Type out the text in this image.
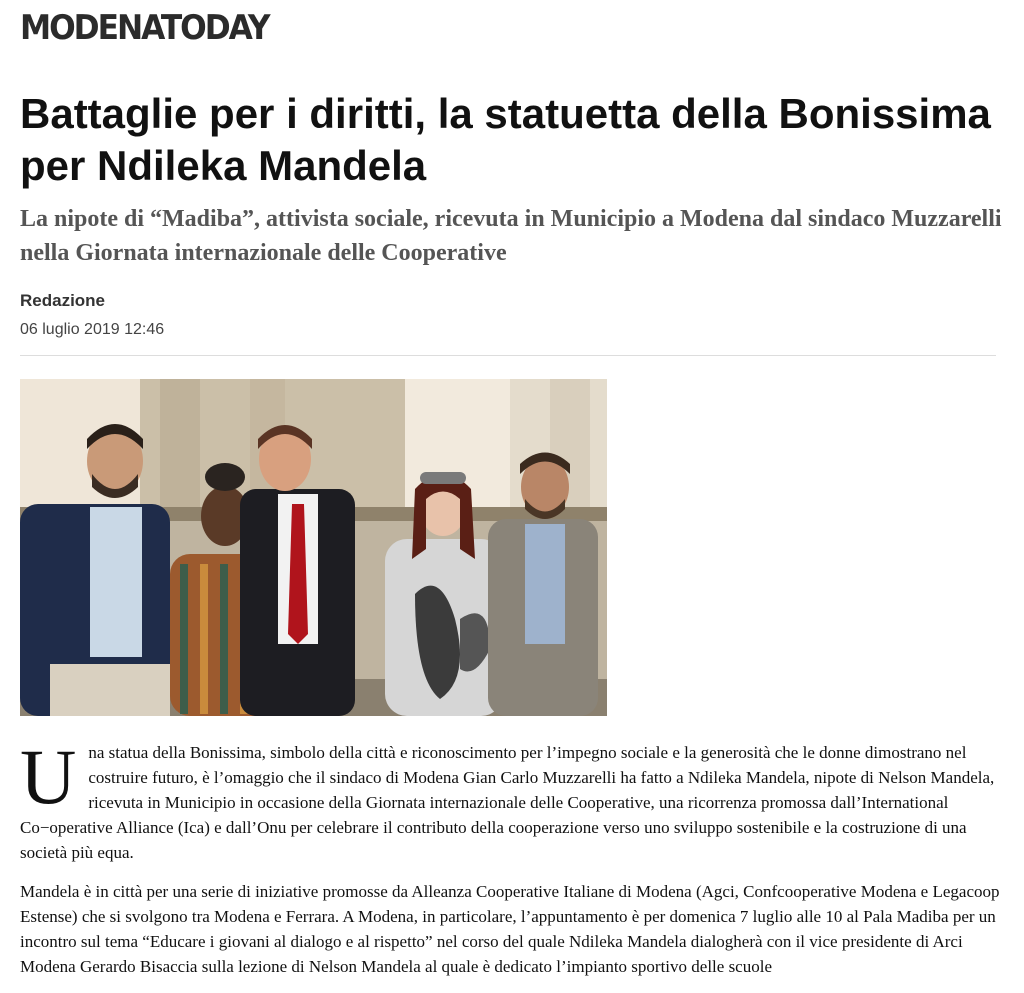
MODENATODAY
Battaglie per i diritti, la statuetta della Bonissima per Ndileka Mandela
La nipote di “Madiba”, attivista sociale, ricevuta in Municipio a Modena dal sindaco Muzzarelli nella Giornata internazionale delle Cooperative
Redazione
06 luglio 2019 12:46

U na statua della Bonissima, simbolo della città e riconoscimento per l’impegno sociale e la generosità che le donne dimostrano nel costruire futuro, è l’omaggio che il sindaco di Modena Gian Carlo Muzzarelli ha fatto a Ndileka Mandela, nipote di Nelson Mandela, ricevuta in Municipio in occasione della Giornata internazionale delle Cooperative, una ricorrenza promossa dall’International Co−operative Alliance (Ica) e dall’Onu per celebrare il contributo della cooperazione verso uno sviluppo sostenibile e la costruzione di una società più equa.

Mandela è in città per una serie di iniziative promosse da Alleanza Cooperative Italiane di Modena (Agci, Confcooperative Modena e Legacoop Estense) che si svolgono tra Modena e Ferrara. A Modena, in particolare, l’appuntamento è per domenica 7 luglio alle 10 al Pala Madiba per un incontro sul tema “Educare i giovani al dialogo e al rispetto” nel corso del quale Ndileka Mandela dialogherà con il vice presidente di Arci Modena Gerardo Bisaccia sulla lezione di Nelson Mandela al quale è dedicato l’impianto sportivo delle scuole
